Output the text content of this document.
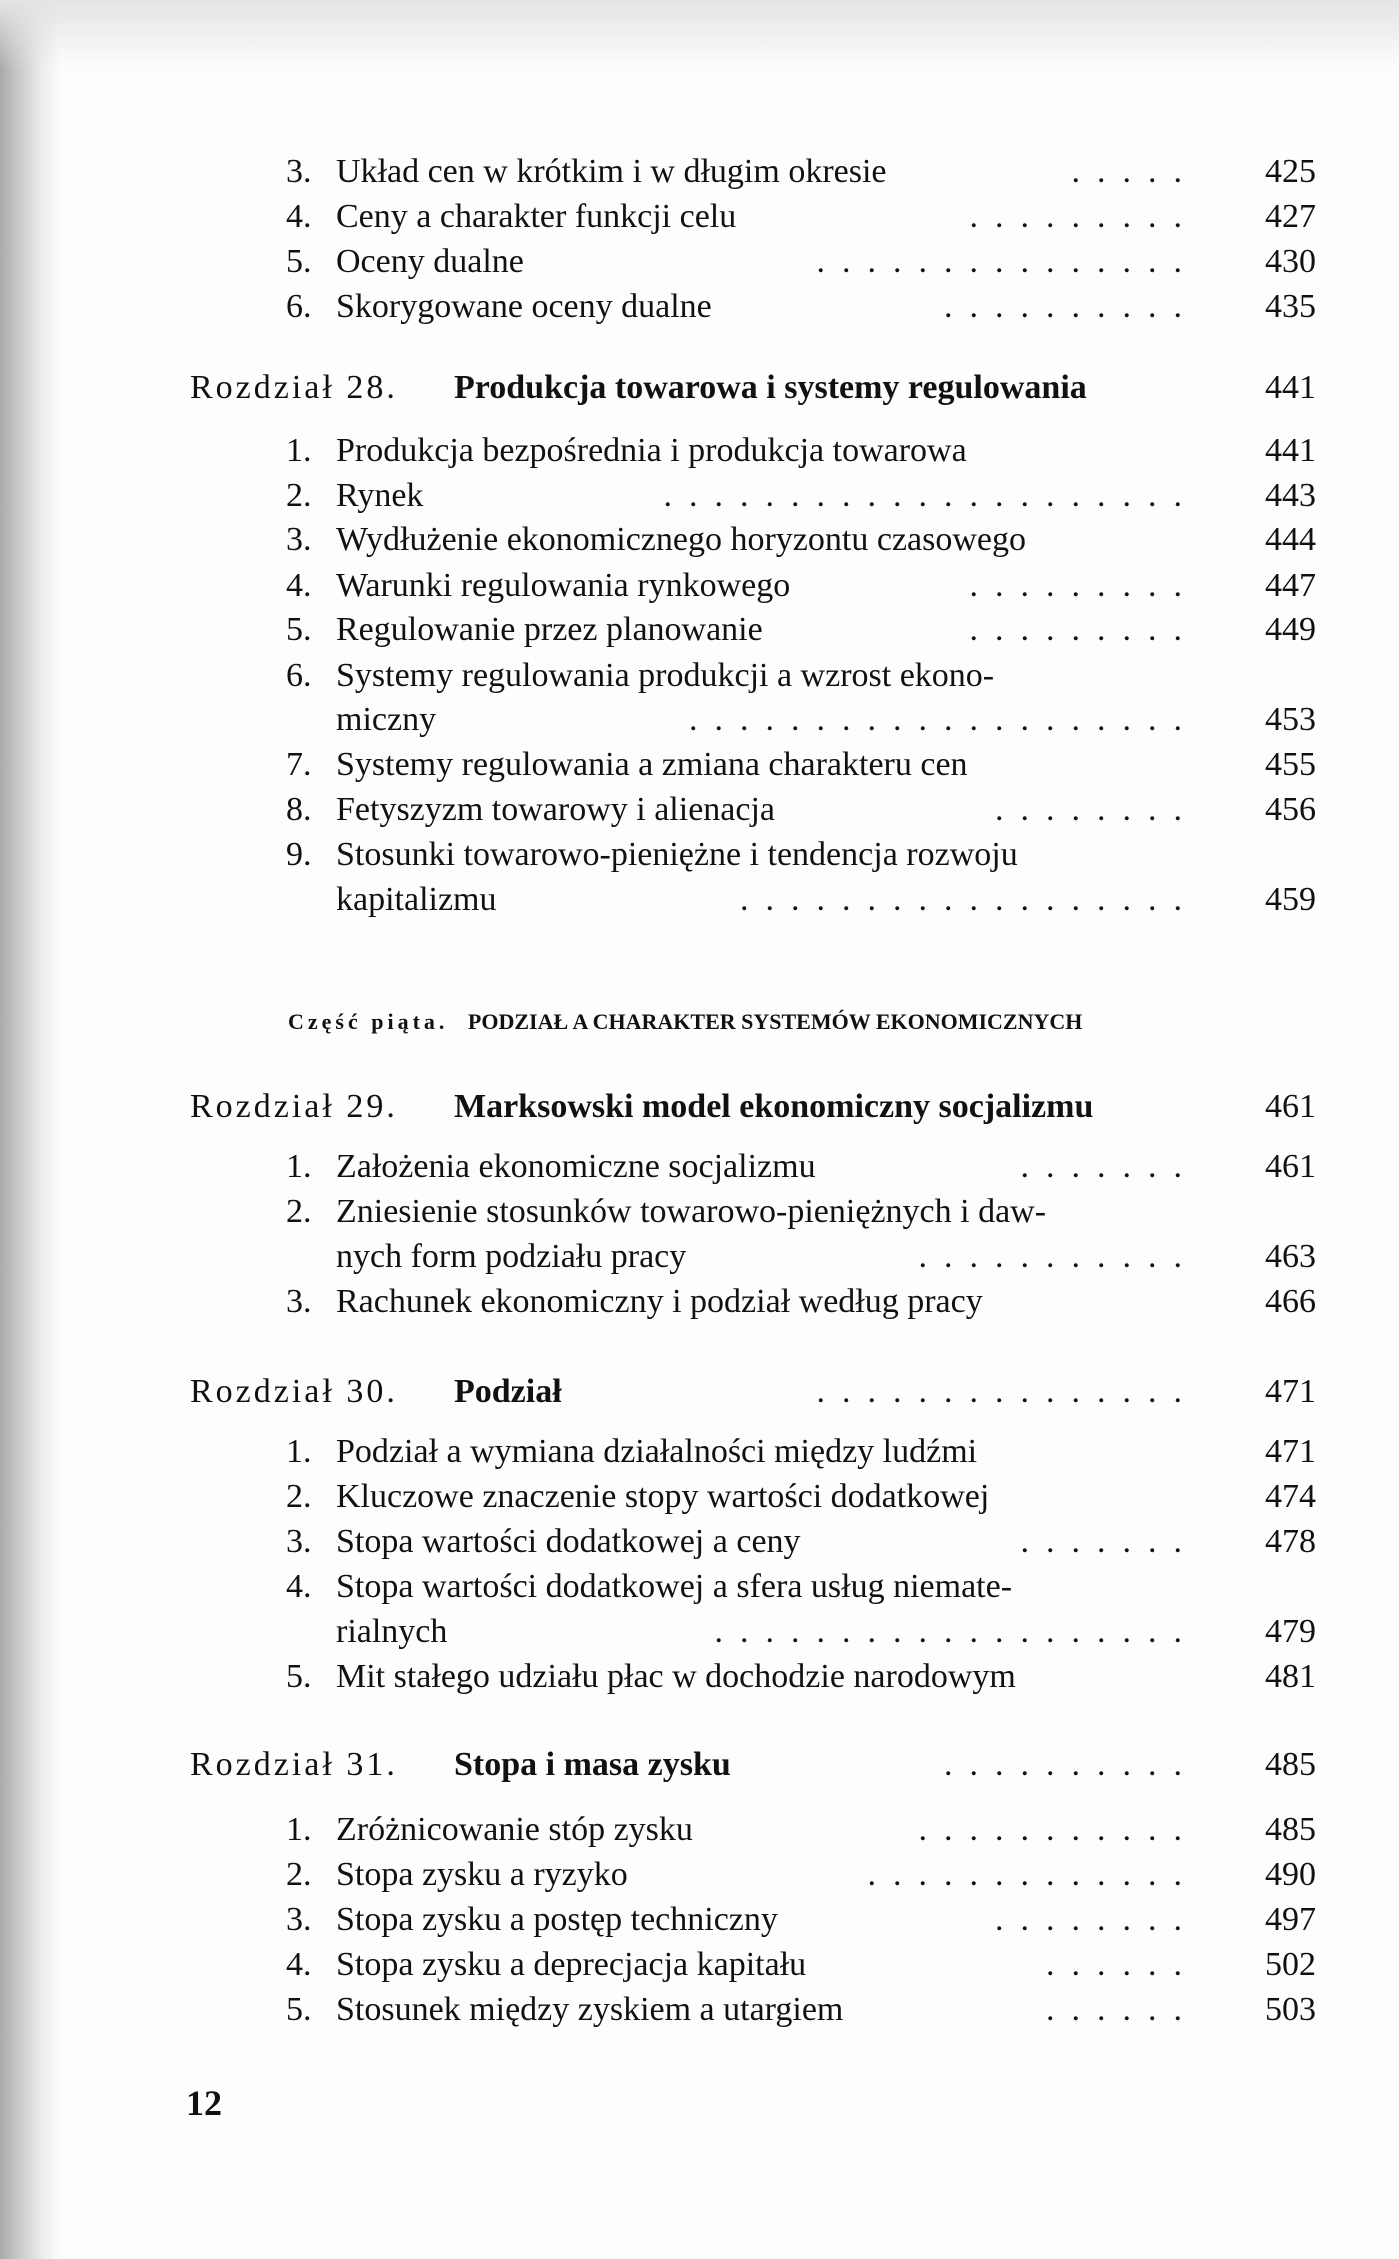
3. Układ cen w krótkim i w długim okresie	..... 425
4. Ceny a charakter funkcji celu	......... 427
5. Oceny dualne	............... 430
6. Skorygowane oceny dualne	.......... 435
Rozdział 28. Produkcja towarowa i systemy regulowania	441
1. Produkcja bezpośrednia i produkcja towarowa	441
2. Rynek	..................... 443
3. Wydłużenie ekonomicznego horyzontu czasowego	444
4. Warunki regulowania rynkowego	......... 447
5. Regulowanie przez planowanie	......... 449
6. Systemy regulowania produkcji a wzrost ekono-
miczny	.................... 453
7. Systemy regulowania a zmiana charakteru cen	455
8. Fetyszyzm towarowy i alienacja	........ 456
9. Stosunki towarowo-pieniężne i tendencja rozwoju
kapitalizmu	.................. 459
Rozdział 29. Marksowski model ekonomiczny socjalizmu	461
1. Założenia ekonomiczne socjalizmu	....... 461
2. Zniesienie stosunków towarowo-pieniężnych i daw-
nych form podziału pracy	........... 463
3. Rachunek ekonomiczny i podział według pracy	466
Rozdział 30. Podział	............... 471
1. Podział a wymiana działalności między ludźmi	471
2. Kluczowe znaczenie stopy wartości dodatkowej	474
3. Stopa wartości dodatkowej a ceny	....... 478
4. Stopa wartości dodatkowej a sfera usług niemate-
rialnych	................... 479
5. Mit stałego udziału płac w dochodzie narodowym	481
Rozdział 31. Stopa i masa zysku	.......... 485
1. Zróżnicowanie stóp zysku	........... 485
2. Stopa zysku a ryzyko	............. 490
3. Stopa zysku a postęp techniczny	........ 497
4. Stopa zysku a deprecjacja kapitału	...... 502
5. Stosunek między zyskiem a utargiem	...... 503
Część piąta. PODZIAŁ A CHARAKTER SYSTEMÓW EKONOMICZNYCH
12
